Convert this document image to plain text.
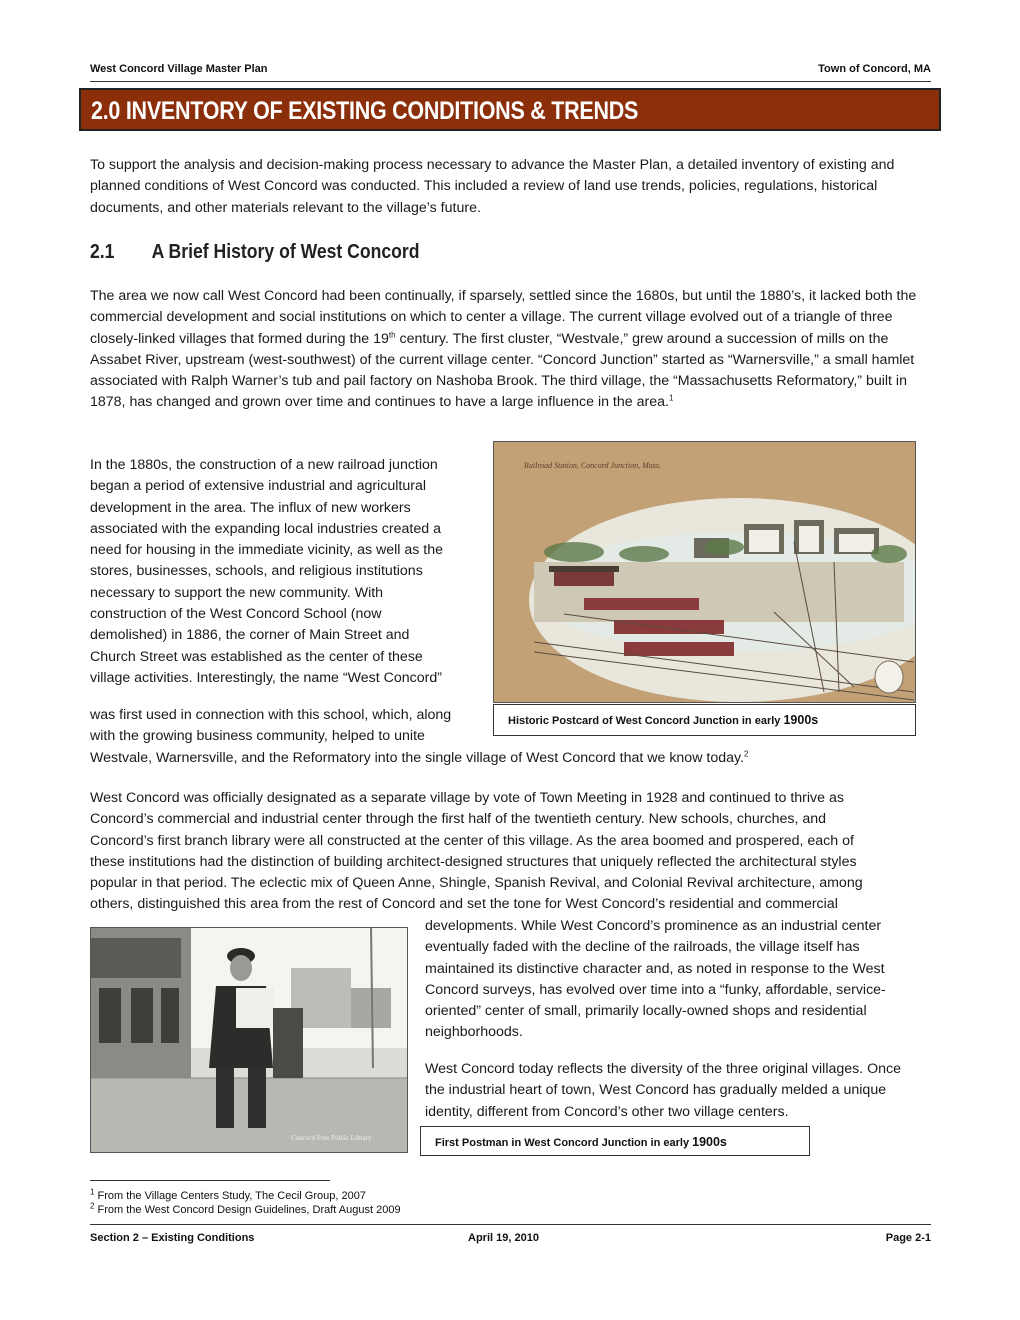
West Concord Village Master Plan	Town of Concord, MA
2.0 INVENTORY OF EXISTING CONDITIONS & TRENDS

To support the analysis and decision-making process necessary to advance the Master Plan, a detailed inventory of existing and planned conditions of West Concord was conducted. This included a review of land use trends, policies, regulations, historical documents, and other materials relevant to the village’s future.

2.1 A Brief History of West Concord

The area we now call West Concord had been continually, if sparsely, settled since the 1680s, but until the 1880’s, it lacked both the commercial development and social institutions on which to center a village. The current village evolved out of a triangle of three closely-linked villages that formed during the 19th century. The first cluster, “Westvale,” grew around a succession of mills on the Assabet River, upstream (west-southwest) of the current village center. “Concord Junction” started as “Warnersville,” a small hamlet associated with Ralph Warner’s tub and pail factory on Nashoba Brook. The third village, the “Massachusetts Reformatory,” built in 1878, has changed and grown over time and continues to have a large influence in the area.$^1$

In the 1880s, the construction of a new railroad junction
began a period of extensive industrial and agricultural
development in the area. The influx of new workers
associated with the expanding local industries created a
need for housing in the immediate vicinity, as well as the
stores, businesses, schools, and religious institutions
necessary to support the new community. With
construction of the West Concord School (now
demolished) in 1886, the corner of Main Street and
Church Street was established as the center of these
village activities. Interestingly, the name “West Concord”
was first used in connection with this school, which, along
with the growing business community, helped to unite
Westvale, Warnersville, and the Reformatory into the single village of West Concord that we know today.$^2$
Railroad Station, Concord Junction, Mass.
Historic Postcard of West Concord Junction in early 1900s
West Concord was officially designated as a separate village by vote of Town Meeting in 1928 and continued to thrive as
Concord’s commercial and industrial center through the first half of the twentieth century. New schools, churches, and
Concord’s first branch library were all constructed at the center of this village. As the area boomed and prospered, each of
these institutions had the distinction of building architect-designed structures that uniquely reflected the architectural styles
popular in that period. The eclectic mix of Queen Anne, Shingle, Spanish Revival, and Colonial Revival architecture, among
others, distinguished this area from the rest of Concord and set the tone for West Concord’s residential and commercial
developments. While West Concord’s prominence as an industrial center
eventually faded with the decline of the railroads, the village itself has
maintained its distinctive character and, as noted in response to the West
Concord surveys, has evolved over time into a “funky, affordable, service-
oriented” center of small, primarily locally-owned shops and residential
neighborhoods.
West Concord today reflects the diversity of the three original villages. Once
the industrial heart of town, West Concord has gradually melded a unique
identity, different from Concord’s other two village centers.
Concord Free Public Library	First Postman in West Concord Junction in early 1900s
$^1$ From the Village Centers Study, The Cecil Group, 2007
$^2$ From the West Concord Design Guidelines, Draft August 2009
Section 2 – Existing Conditions	April 19, 2010	Page 2-1
